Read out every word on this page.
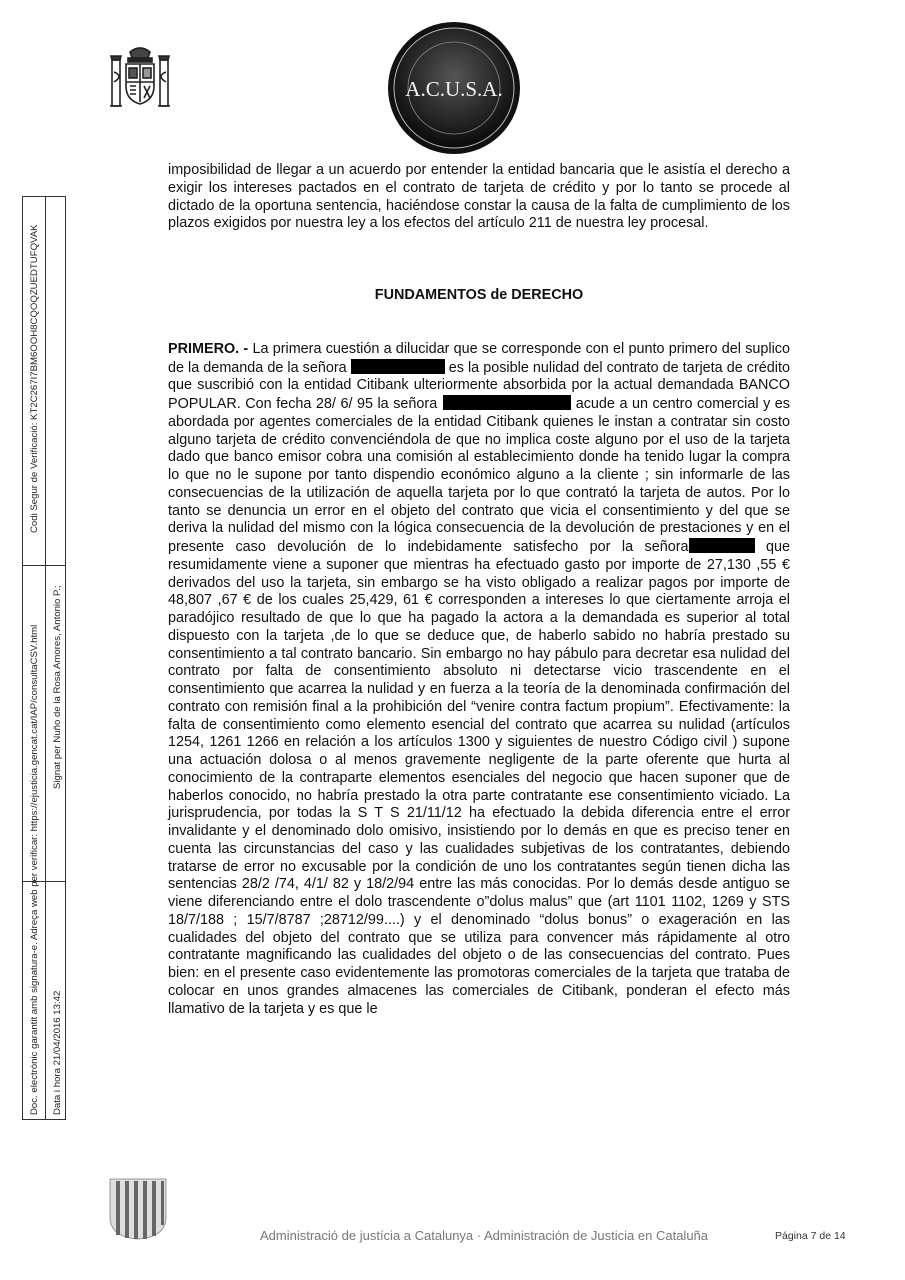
A.C.U.S.A.
Doc. electrònic garantit amb signatura-e. Adreça web per verificar: https://ejusticia.gencat.cat/IAP/consultaCSV.html
Codi Segur de Verificació: KT2C267I7BM6OOH8CQOQZUEDTUFQVAK
Data i hora 21/04/2016 13:42
Signat per Nuño de la Rosa Amores, Antonio P.;

imposibilidad de llegar a un acuerdo por entender la entidad bancaria que le asistía el derecho a exigir los intereses pactados en el contrato de tarjeta de crédito y por lo tanto se procede al dictado de la oportuna sentencia, haciéndose constar la causa de la falta de cumplimiento de los plazos exigidos por nuestra ley a los efectos del artículo 211 de nuestra ley procesal.

FUNDAMENTOS de DERECHO

PRIMERO. - La primera cuestión a dilucidar que se corresponde con el punto primero del suplico de la demanda de la señora	es la posible nulidad del contrato de tarjeta de crédito que suscribió con la entidad Citibank ulteriormente absorbida por la actual demandada BANCO POPULAR. Con fecha 28/ 6/ 95 la señora	acude a un centro comercial y es abordada por agentes comerciales de la entidad Citibank quienes le instan a contratar sin costo alguno tarjeta de crédito convenciéndola de que no implica coste alguno por el uso de la tarjeta dado que banco emisor cobra una comisión al establecimiento donde ha tenido lugar la compra lo que no le supone por tanto dispendio económico alguno a la cliente ; sin informarle de las consecuencias de la utilización de aquella tarjeta por lo que contrató la tarjeta de autos. Por lo tanto se denuncia un error en el objeto del contrato que vicia el consentimiento y del que se deriva la nulidad del mismo con la lógica consecuencia de la devolución de prestaciones y en el presente caso devolución de lo indebidamente satisfecho por la señora	que resumidamente viene a suponer que mientras ha efectuado gasto por importe de 27,130 ,55 € derivados del uso la tarjeta, sin embargo se ha visto obligado a realizar pagos por importe de 48,807 ,67 € de los cuales 25,429, 61 € corresponden a intereses lo que ciertamente arroja el paradójico resultado de que lo que ha pagado la actora a la demandada es superior al total dispuesto con la tarjeta ,de lo que se deduce que, de haberlo sabido no habría prestado su consentimiento a tal contrato bancario. Sin embargo no hay pábulo para decretar esa nulidad del contrato por falta de consentimiento absoluto ni detectarse vicio trascendente en el consentimiento que acarrea la nulidad y en fuerza a la teoría de la denominada confirmación del contrato con remisión final a la prohibición del “venire contra factum propium”. Efectivamente: la falta de consentimiento como elemento esencial del contrato que acarrea su nulidad (artículos 1254, 1261 1266 en relación a los artículos 1300 y siguientes de nuestro Código civil ) supone una actuación dolosa o al menos gravemente negligente de la parte oferente que hurta al conocimiento de la contraparte elementos esenciales del negocio que hacen suponer que de haberlos conocido, no habría prestado la otra parte contratante ese consentimiento viciado. La jurisprudencia, por todas la S T S 21/11/12 ha efectuado la debida diferencia entre el error invalidante y el denominado dolo omisivo, insistiendo por lo demás en que es preciso tener en cuenta las circunstancias del caso y las cualidades subjetivas de los contratantes, debiendo tratarse de error no excusable por la condición de uno los contratantes según tienen dicha las sentencias 28/2 /74, 4/1/ 82 y 18/2/94 entre las más conocidas. Por lo demás desde antiguo se viene diferenciando entre el dolo trascendente o”dolus malus” que (art 1101 1102, 1269 y STS 18/7/188 ; 15/7/8787 ;28712/99....) y el denominado “dolus bonus” o exageración en las cualidades del objeto del contrato que se utiliza para convencer más rápidamente al otro contratante magnificando las cualidades del objeto o de las consecuencias del contrato. Pues bien: en el presente caso evidentemente las promotoras comerciales de la tarjeta que trataba de colocar en unos grandes almacenes las comerciales de Citibank, ponderan el efecto más llamativo de la tarjeta y es que le

Administració de justícia a Catalunya · Administración de Justicia en Cataluña	Página 7 de 14
